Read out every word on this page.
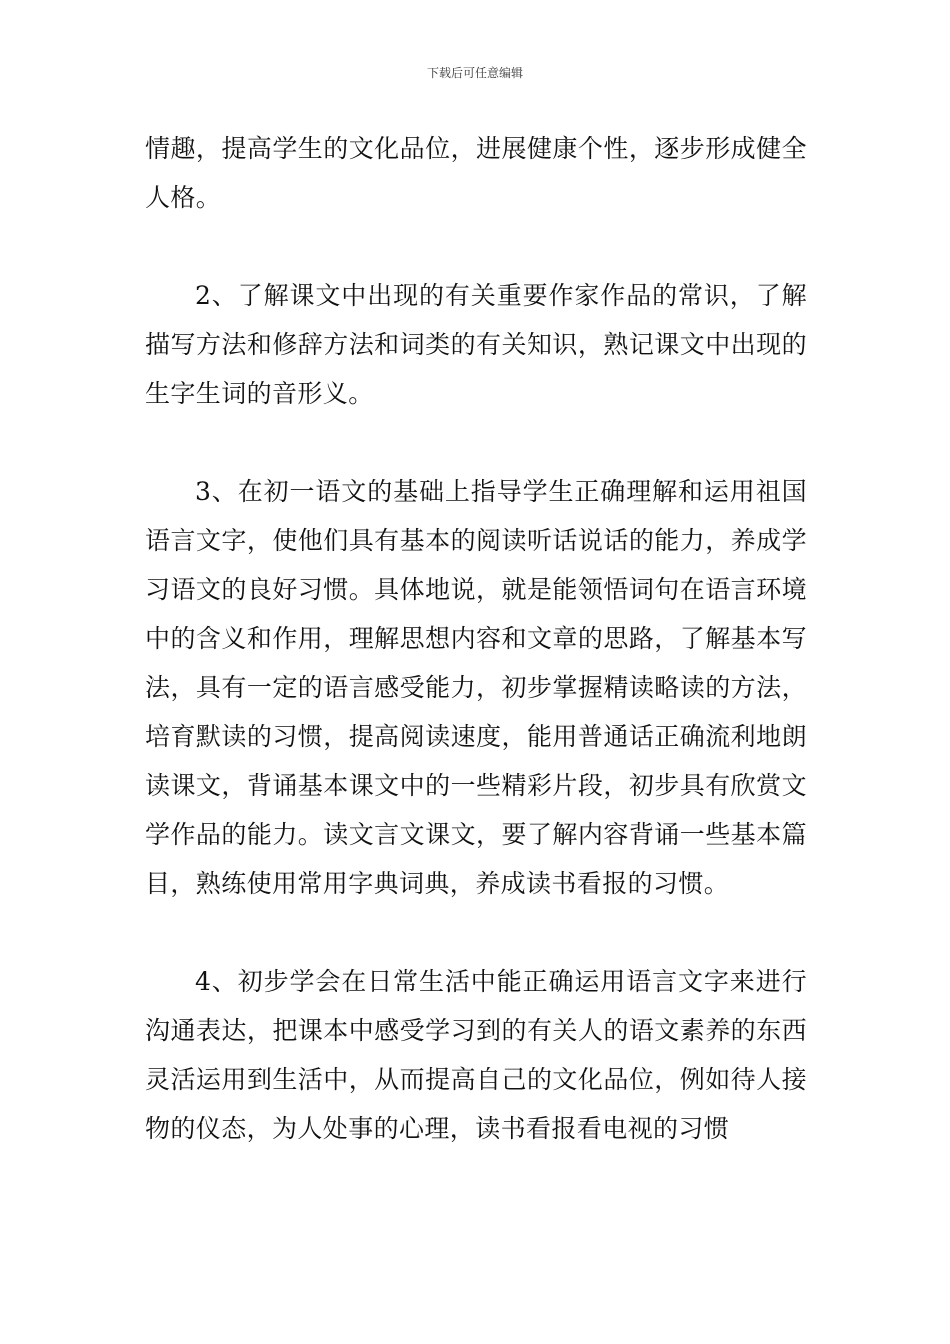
下载后可任意编辑

情趣，提高学生的文化品位，进展健康个性，逐步形成健全人格。

2、了解课文中出现的有关重要作家作品的常识，了解描写方法和修辞方法和词类的有关知识，熟记课文中出现的生字生词的音形义。

3、在初一语文的基础上指导学生正确理解和运用祖国语言文字，使他们具有基本的阅读听话说话的能力，养成学习语文的良好习惯。具体地说，就是能领悟词句在语言环境中的含义和作用，理解思想内容和文章的思路，了解基本写法，具有一定的语言感受能力，初步掌握精读略读的方法，培育默读的习惯，提高阅读速度，能用普通话正确流利地朗读课文，背诵基本课文中的一些精彩片段，初步具有欣赏文学作品的能力。读文言文课文，要了解内容背诵一些基本篇目，熟练使用常用字典词典，养成读书看报的习惯。

4、初步学会在日常生活中能正确运用语言文字来进行沟通表达，把课本中感受学习到的有关人的语文素养的东西灵活运用到生活中，从而提高自己的文化品位，例如待人接物的仪态，为人处事的心理，读书看报看电视的习惯
